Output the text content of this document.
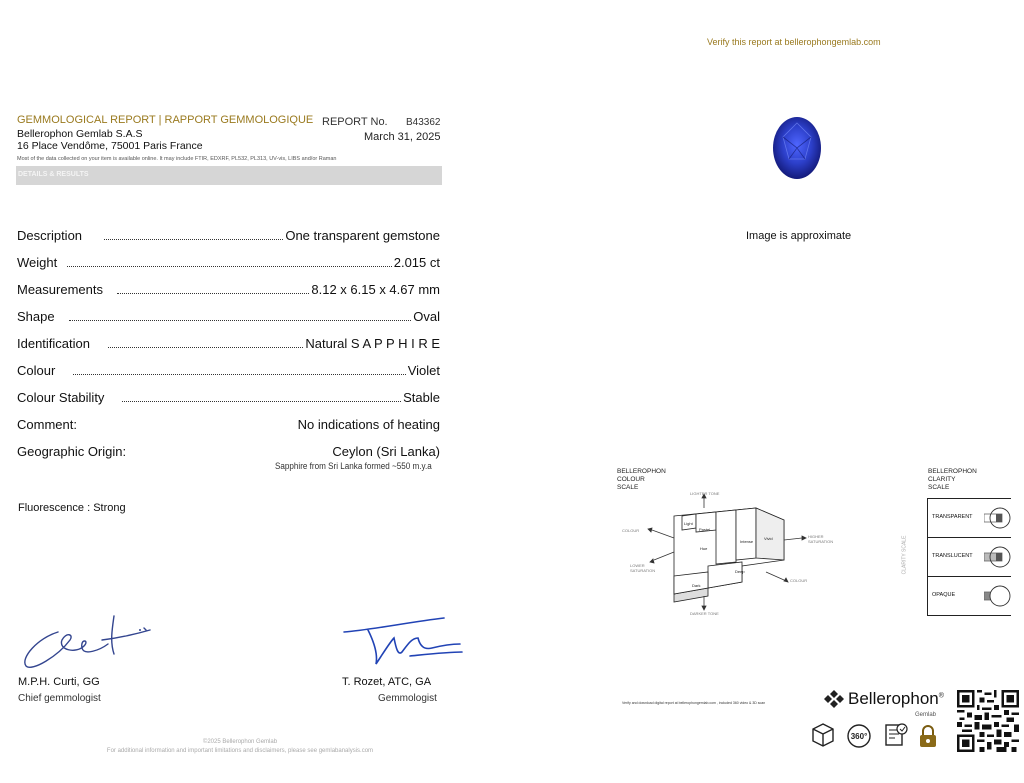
GEMMOLOGICAL REPORT | RAPPORT GEMMOLOGIQUE
Bellerophon Gemlab S.A.S
16 Place Vendôme, 75001 Paris France
Most of the data collected on your item is available online. It may include FTIR, EDXRF, PL532, PL313, UV-vis, LIBS and/or Raman
REPORT No. B43362
March 31, 2025
DETAILS & RESULTS
Description	One transparent gemstone
Weight	2.015 ct
Measurements	8.12 x 6.15 x 4.67 mm
Shape	Oval
Identification	Natural S A P P H I R E
Colour	Violet
Colour Stability	Stable
Comment:	No indications of heating
Geographic Origin:	Ceylon (Sri Lanka)
Sapphire from Sri Lanka formed ~550 m.y.a
Fluorescence : Strong
M.P.H. Curti, GG
Chief gemmologist
T. Rozet, ATC, GA
Gemmologist
©2025 Bellerophon Gemlab
For additional information and important limitations and disclaimers, please see gemlabanalysis.com
Verify this report at bellerophongemlab.com
Image is approximate
BELLEROPHON
COLOUR
SCALE
LIGHTER TONE
DARKER TONE
COLOUR
COLOUR
HIGHER SATURATION
LOWER SATURATION
Light
Pastel
Hue
Intense
Vivid
Deep
Dark
BELLEROPHON
CLARITY
SCALE
CLARITY SCALE
TRANSPARENT
TRANSLUCENT
OPAQUE
Verify and download digital report at bellerophongemlab.com , included 360 video & 3D scan	Bellerophon®
Gemlab
360°
